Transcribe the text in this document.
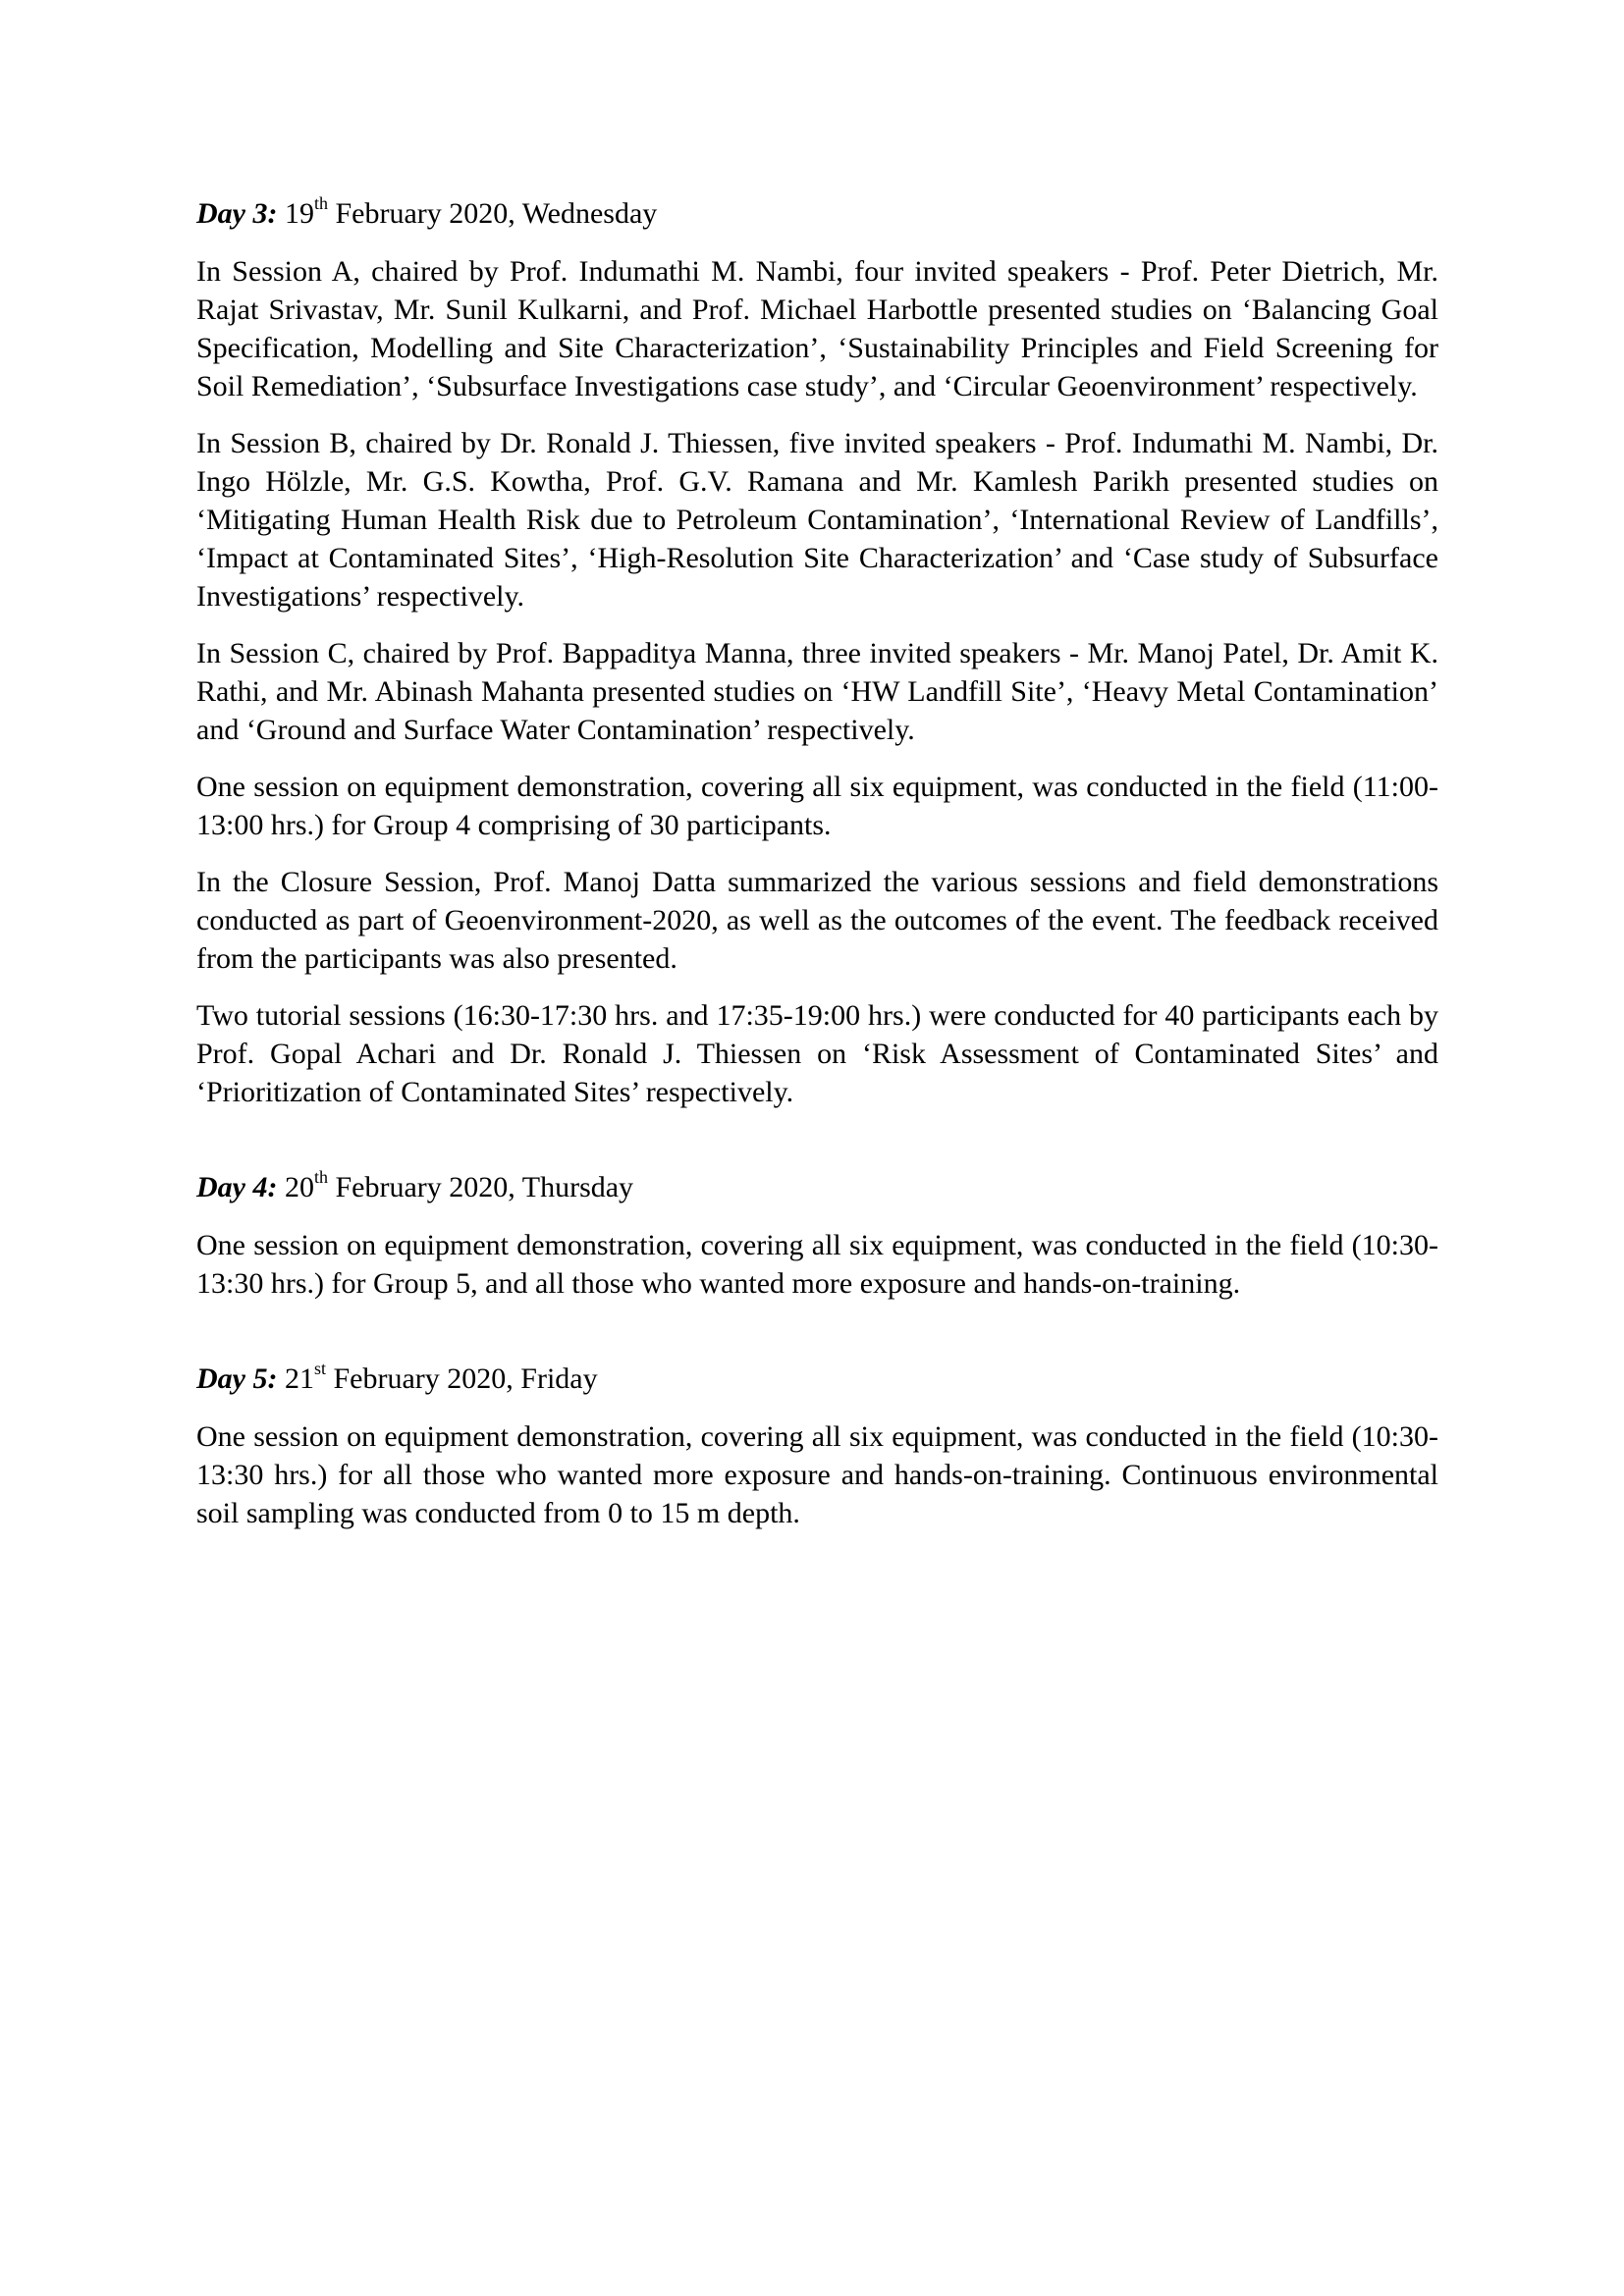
Day 3: 19th February 2020, Wednesday

In Session A, chaired by Prof. Indumathi M. Nambi, four invited speakers - Prof. Peter Dietrich, Mr. Rajat Srivastav, Mr. Sunil Kulkarni, and Prof. Michael Harbottle presented studies on ‘Balancing Goal Specification, Modelling and Site Characterization’, ‘Sustainability Principles and Field Screening for Soil Remediation’, ‘Subsurface Investigations case study’, and ‘Circular Geoenvironment’ respectively.

In Session B, chaired by Dr. Ronald J. Thiessen, five invited speakers - Prof. Indumathi M. Nambi, Dr. Ingo Hölzle, Mr. G.S. Kowtha, Prof. G.V. Ramana and Mr. Kamlesh Parikh presented studies on ‘Mitigating Human Health Risk due to Petroleum Contamination’, ‘International Review of Landfills’, ‘Impact at Contaminated Sites’, ‘High-Resolution Site Characterization’ and ‘Case study of Subsurface Investigations’ respectively.

In Session C, chaired by Prof. Bappaditya Manna, three invited speakers - Mr. Manoj Patel, Dr. Amit K. Rathi, and Mr. Abinash Mahanta presented studies on ‘HW Landfill Site’, ‘Heavy Metal Contamination’ and ‘Ground and Surface Water Contamination’ respectively.

One session on equipment demonstration, covering all six equipment, was conducted in the field (11:00-13:00 hrs.) for Group 4 comprising of 30 participants.

In the Closure Session, Prof. Manoj Datta summarized the various sessions and field demonstrations conducted as part of Geoenvironment-2020, as well as the outcomes of the event. The feedback received from the participants was also presented.

Two tutorial sessions (16:30-17:30 hrs. and 17:35-19:00 hrs.) were conducted for 40 participants each by Prof. Gopal Achari and Dr. Ronald J. Thiessen on ‘Risk Assessment of Contaminated Sites’ and ‘Prioritization of Contaminated Sites’ respectively.

Day 4: 20th February 2020, Thursday

One session on equipment demonstration, covering all six equipment, was conducted in the field (10:30-13:30 hrs.) for Group 5, and all those who wanted more exposure and hands-on-training.

Day 5: 21st February 2020, Friday

One session on equipment demonstration, covering all six equipment, was conducted in the field (10:30-13:30 hrs.) for all those who wanted more exposure and hands-on-training. Continuous environmental soil sampling was conducted from 0 to 15 m depth.
